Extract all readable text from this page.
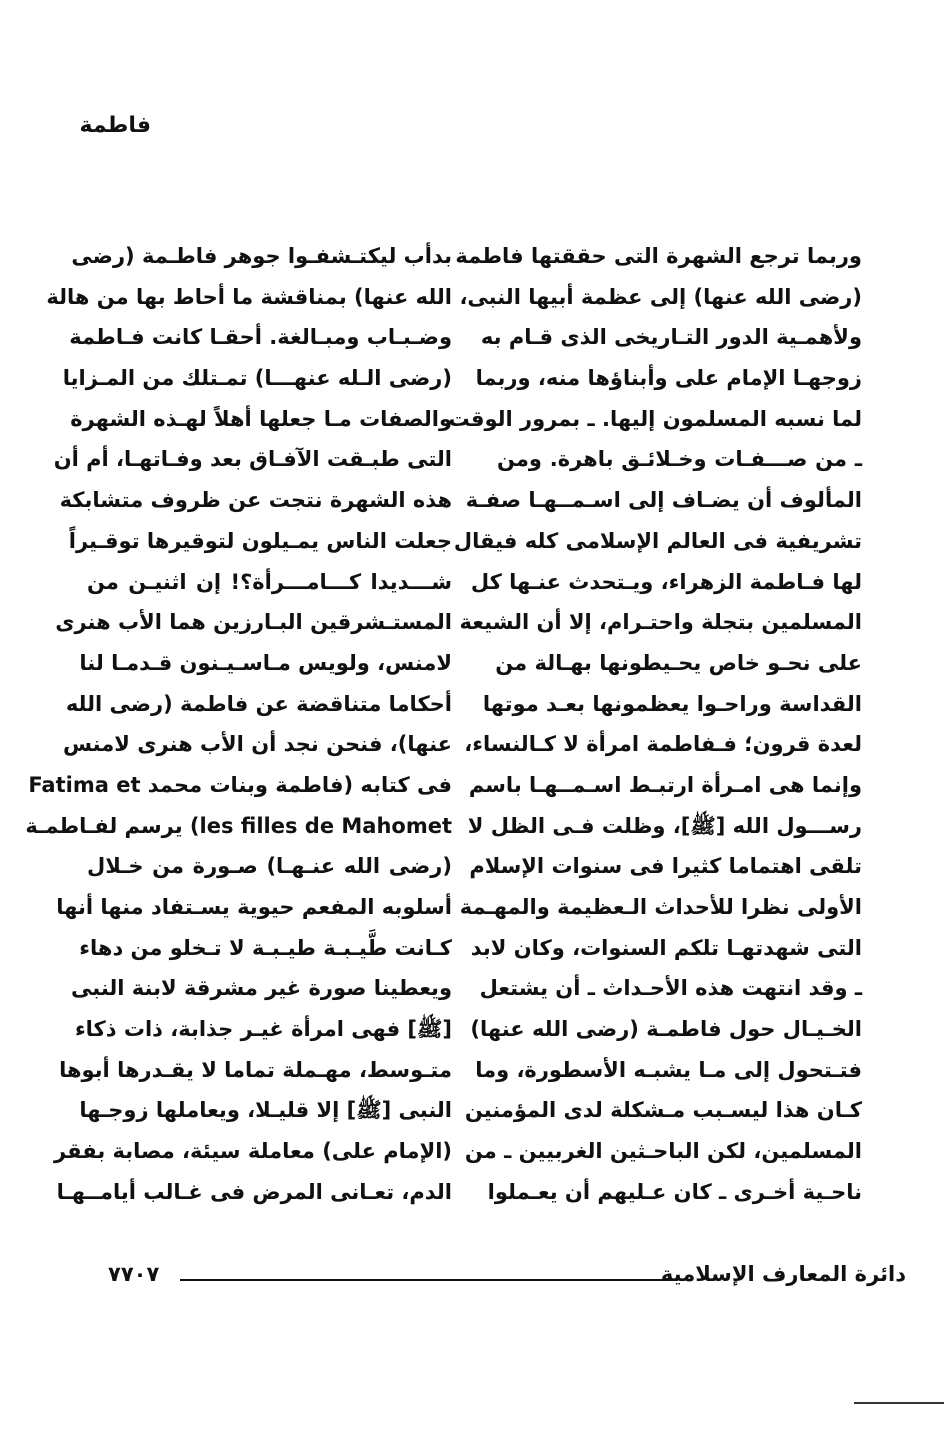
فاطمة
وربما ترجع الشهرة التى حققتها فاطمة
(رضى الله عنها) إلى عظمة أبيها النبى،
ولأهمـية الدور التـاريخى الذى قـام به
زوجهـا الإمام على وأبناؤها منه، وربما
لما نسبه المسلمون إليها. ـ بمرور الوقت
ـ من صـــفـات وخـلائـق باهرة. ومن
المألوف أن يضـاف إلى اسـمــهـا صفـة
تشريفية فى العالم الإسلامى كله فيقال
لها فـاطمة الزهراء، ويـتحدث عنـها كل
المسلمين بتجلة واحتـرام، إلا أن الشيعة
على نحـو خاص يحـيطونها بهـالة من
القداسة وراحـوا يعظمونها بعـد موتها
لعدة قرون؛ فـفاطمة امرأة لا كـالنساء،
وإنما هى امـرأة ارتبـط اسـمــهـا باسم
رســـول الله [ﷺ]، وظلت فـى الظل لا
تلقى اهتماما كثيرا فى سنوات الإسلام
الأولى نظرا للأحداث الـعظيمة والمهـمة
التى شهدتهـا تلكم السنوات، وكان لابد
ـ وقد انتهت هذه الأحـداث ـ أن يشتعل
الخـيـال حول فاطمـة (رضى الله عنها)
فتـتحول إلى مـا يشبـه الأسطورة، وما
كـان هذا ليسـبب مـشكلة لدى المؤمنين
المسلمين، لكن الباحـثين الغربيين ـ من
ناحـية أخـرى ـ كان عـليهم أن يعـملوا
بدأب ليكتـشفـوا جوهر فاطـمة (رضى
الله عنها) بمناقشة ما أحاط بها من هالة
وضـبـاب ومبـالغة. أحقـا كانت فـاطمة
(رضى الـله عنهـــا) تمـتلك من المـزايا
والصفات مـا جعلها أهلاً لهـذه الشهرة
التى طبـقت الآفـاق بعد وفـاتهـا، أم أن
هذه الشهرة نتجت عن ظروف متشابكة
جعلت الناس يمـيلون لتوقيرها توقـيراً
شـــديدا كـــامـــرأة؟! إن اثنيـن من
المستـشرقين البـارزين هما الأب هنرى
لامنس، ولويس مـاسـيـنون قـدمـا لنا
أحكاما متناقضة عن فاطمة (رضى الله
عنها)، فنحن نجد أن الأب هنرى لامنس
فى كتابه (فاطمة وبنات محمد Fatima et
les filles de Mahomet) يرسم لفـاطمـة
(رضى الله عنـهـا) صـورة من خـلال
أسلوبه المفعم حيوية يسـتفاد منها أنها
كـانت طَّيـبـة طيـبـة لا تـخلو من دهاء
ويعطينا صورة غير مشرقة لابنة النبى
[ﷺ] فهى امرأة غيـر جذابة، ذات ذكاء
متـوسط، مهـملة تماما لا يقـدرها أبوها
النبى [ﷺ] إلا قليـلا، ويعاملها زوجـها
(الإمام على) معاملة سيئة، مصابة بفقر
الدم، تعـانى المرض فى غـالب أيامــهـا
دائرة المعارف الإسلامية
٧٧٠٧
